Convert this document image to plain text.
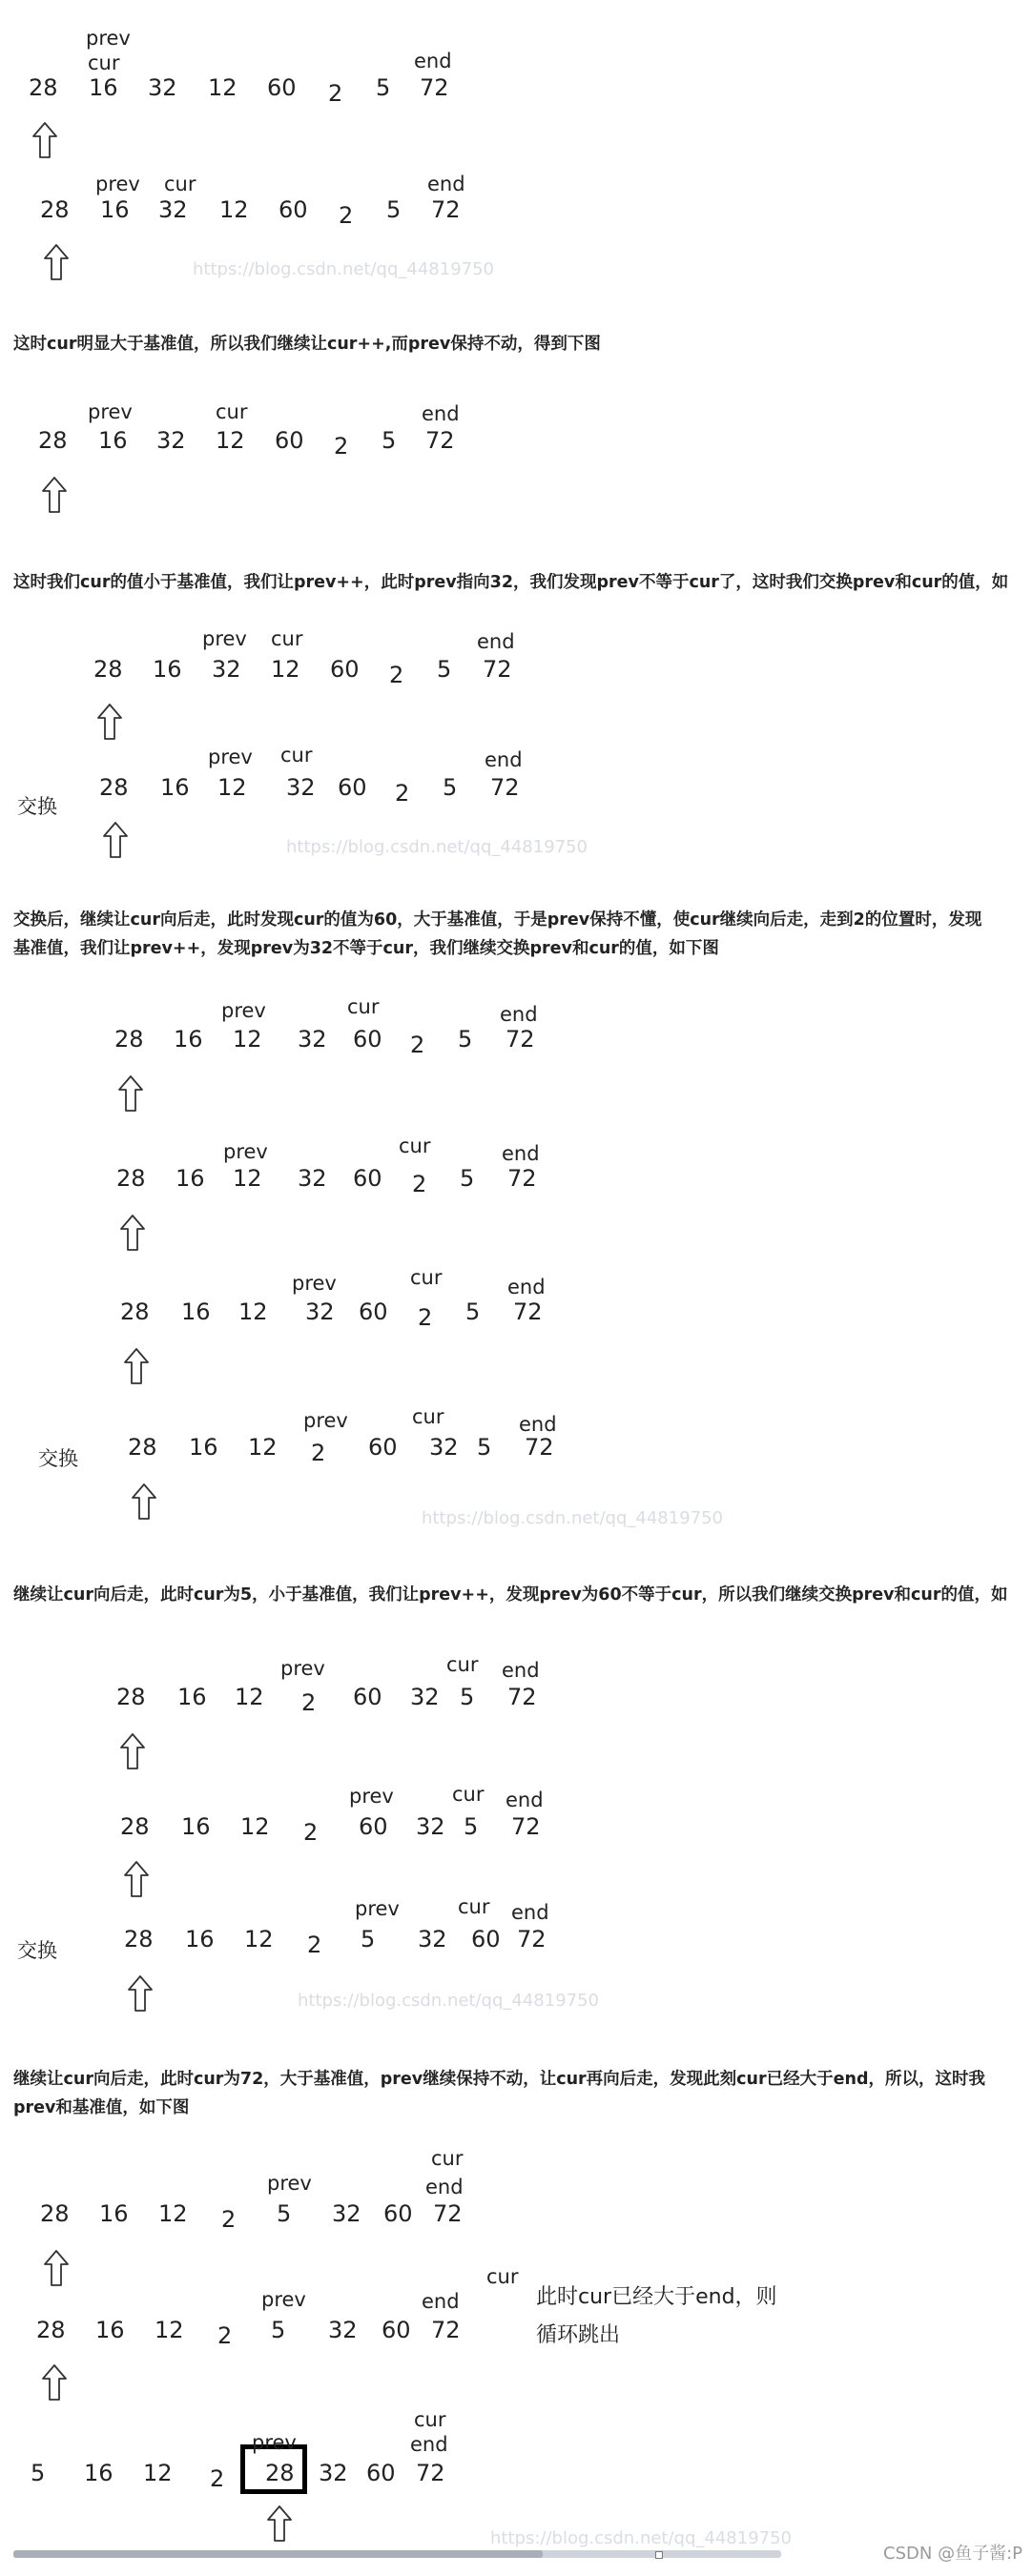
28 16 32 12 60 2 5 72
prev
cur	end
28 16 32 12 60 2 5 72
prev cur	end
28 16 32 12 60 2 5 72
prev	cur	end
28 16 32 12 60 2 5 72
prev cur	end
28 16 12 32 60 2 5 72
prev cur	end
交换
28 16 12 32 60 2 5 72
prev	cur	end
28 16 12 32 60 2 5 72
prev	cur	end
28 16 12 32 60 2 5 72
prev	cur	end
28 16 12 2 60 32 5 72
prev	cur	end
交换
28 16 12 2 60 32 5 72
prev	cur end
28 16 12 2 60 32 5 72
prev	cur end
28 16 12 2 5 32 60 72
prev	cur end
交换
28 16 12 2 5 32 60 72
prev
cur
end
28 16 12 2 5 32 60 72
prev
cur
end
5 16 12 2 28 32 60 72
prev
cur
end
这时cur明显大于基准值，所以我们继续让cur++,而prev保持不动，得到下图
这时我们cur的值小于基准值，我们让prev++，此时prev指向32，我们发现prev不等于cur了，这时我们交换prev和cur的值，如
交换后，继续让cur向后走，此时发现cur的值为60，大于基准值，于是prev保持不懂，使cur继续向后走，走到2的位置时，发现
基准值，我们让prev++，发现prev为32不等于cur，我们继续交换prev和cur的值，如下图
继续让cur向后走，此时cur为5，小于基准值，我们让prev++，发现prev为60不等于cur，所以我们继续交换prev和cur的值，如
继续让cur向后走，此时cur为72，大于基准值，prev继续保持不动，让cur再向后走，发现此刻cur已经大于end，所以，这时我
prev和基准值，如下图
此时cur已经大于end，则
循环跳出
https://blog.csdn.net/qq_44819750
https://blog.csdn.net/qq_44819750
https://blog.csdn.net/qq_44819750
https://blog.csdn.net/qq_44819750
https://blog.csdn.net/qq_44819750
CSDN @鱼子酱:P
